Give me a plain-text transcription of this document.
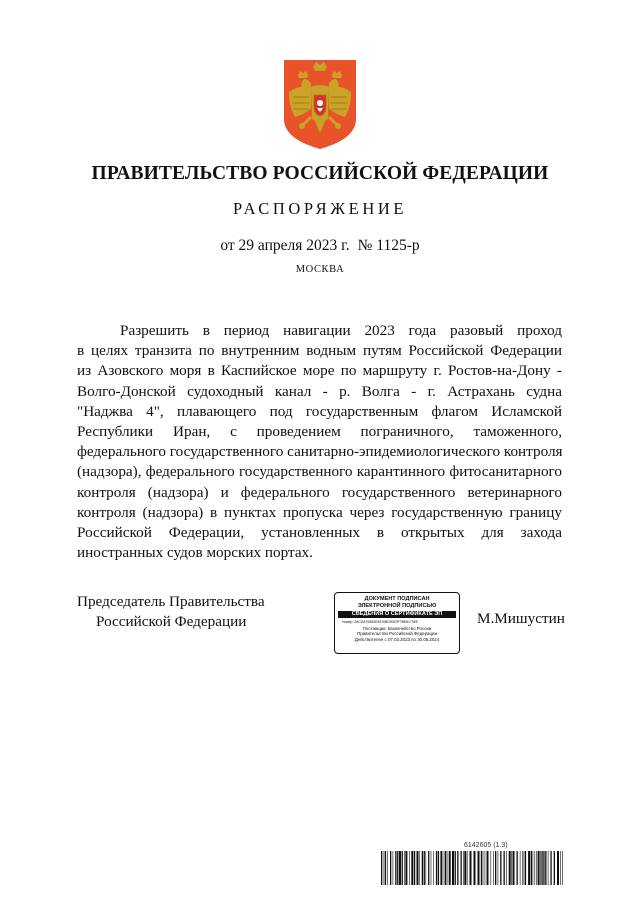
ПРАВИТЕЛЬСТВО РОССИЙСКОЙ ФЕДЕРАЦИИ
РАСПОРЯЖЕНИЕ
от 29 апреля 2023 г. № 1125-р
МОСКВА
Разрешить в период навигации 2023 года разовый проход
в целях транзита по внутренним водным путям Российской Федерации
из Азовского моря в Каспийское море по маршруту г. Ростов-на-Дону -
Волго-Донской судоходный канал - р. Волга - г. Астрахань судна
"Наджва 4", плавающего под государственным флагом Исламской
Республики Иран, с проведением пограничного, таможенного,
федерального государственного санитарно-эпидемиологического контроля
(надзора), федерального государственного карантинного фитосанитарного
контроля (надзора) и федерального государственного ветеринарного
контроля (надзора) в пунктах пропуска через государственную границу
Российской Федерации, установленных в открытых для захода
иностранных судов морских портах.
Председатель Правительства
Российской Федерации
ДОКУМЕНТ ПОДПИСАН
ЭЛЕКТРОННОЙ ПОДПИСЬЮ
СВЕДЕНИЯ О СЕРТИФИКАТЕ ЭП
Номер: 2ACDA76983D5376BD90E9F7BE8179EE
Поставщик: Казначейство России
Правительство Российской Федерации
Действителен с 07.03.2023 по 30.05.2024
М.Мишустин
6142605 (1.3)
